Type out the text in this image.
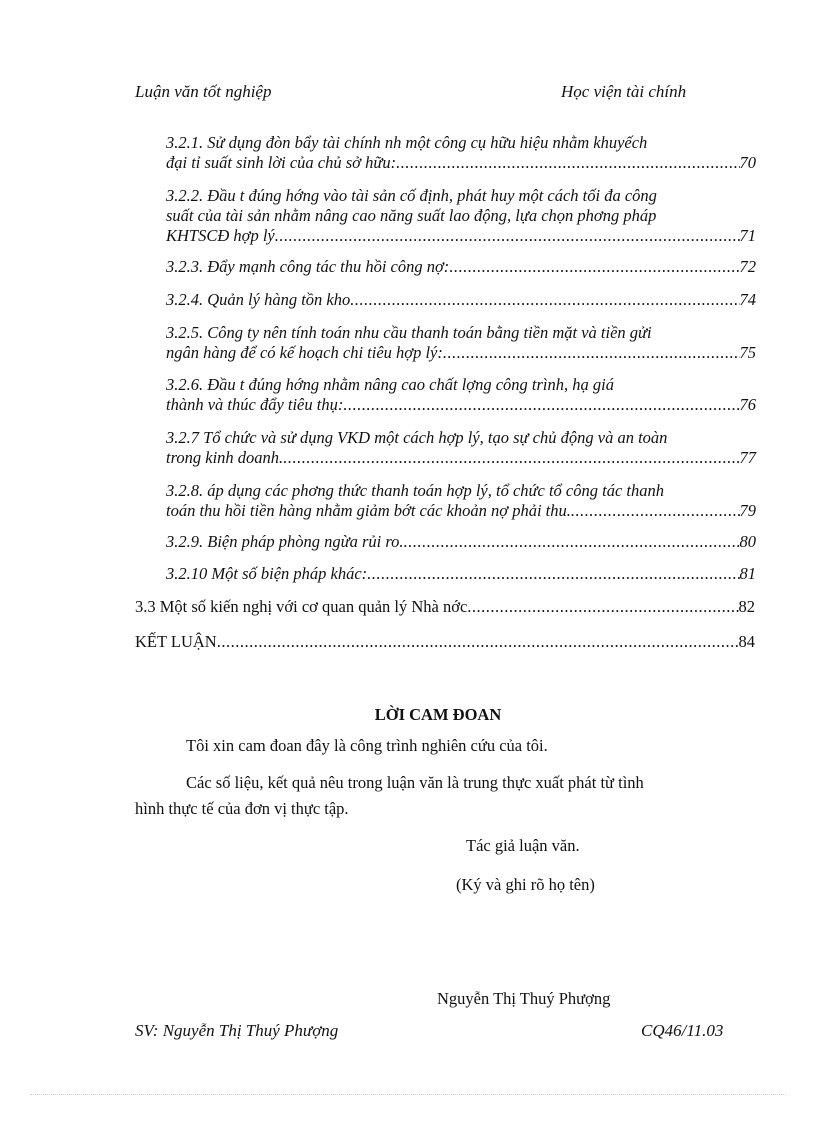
Luận văn tốt nghiệp	Học viện tài chính
3.2.1. Sử dụng đòn bẩy tài chính nh một công cụ hữu hiệu nhằm khuyếch
đại tỉ suất sinh lời của chủ sở hữu: .....	70
3.2.2. Đầu t đúng hớng vào tài sản cố định, phát huy một cách tối đa công
suất của tài sản nhằm nâng cao năng suất lao động, lựa chọn phơng pháp
KHTSCĐ hợp lý .....	71
3.2.3. Đẩy mạnh công tác thu hồi công nợ: .....	72
3.2.4. Quản lý hàng tồn kho .....	74
3.2.5. Công ty nên tính toán nhu cầu thanh toán bằng tiền mặt và tiền gửi
ngân hàng để có kế hoạch chi tiêu hợp lý: .....	75
3.2.6. Đầu t đúng hớng nhằm nâng cao chất lợng công trình, hạ giá
thành và thúc đẩy tiêu thụ: .....	76
3.2.7 Tổ chức và sử dụng VKD một cách hợp lý, tạo sự chủ động và an toàn
trong kinh doanh. .....	77
3.2.8. áp dụng các phơng thức thanh toán hợp lý, tổ chức tổ công tác thanh
toán thu hồi tiền hàng nhằm giảm bớt các khoản nợ phải thu. .....	79
3.2.9. Biện pháp phòng ngừa rủi ro. .....	80
3.2.10 Một số biện pháp khác: .....	81
3.3 Một số kiến nghị với cơ quan quản lý Nhà nớc .....	82
KẾT LUẬN .....	84
LỜI CAM ĐOAN
Tôi xin cam đoan đây là công trình nghiên cứu của tôi.
Các số liệu, kết quả nêu trong luận văn là trung thực xuất phát từ tình
hình thực tế của đơn vị thực tập.
Tác giả luận văn.
(Ký và ghi rõ họ tên)
Nguyễn Thị Thuý Phượng
SV: Nguyễn Thị Thuý Phượng	CQ46/11.03
